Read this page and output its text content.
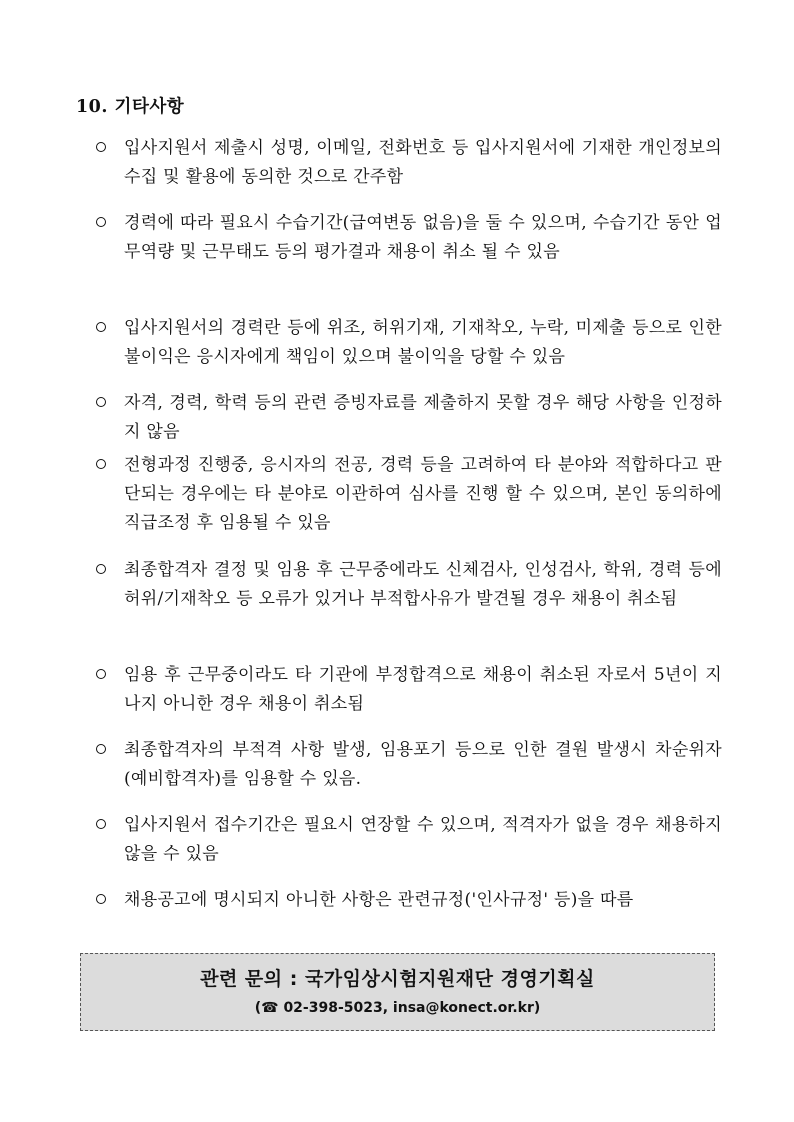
10. 기타사항
입사지원서 제출시 성명, 이메일, 전화번호 등 입사지원서에 기재한 개인정보의 수집 및 활용에 동의한 것으로 간주함
경력에 따라 필요시 수습기간(급여변동 없음)을 둘 수 있으며, 수습기간 동안 업무역량 및 근무태도 등의 평가결과 채용이 취소 될 수 있음
입사지원서의 경력란 등에 위조, 허위기재, 기재착오, 누락, 미제출 등으로 인한 불이익은 응시자에게 책임이 있으며 불이익을 당할 수 있음
자격, 경력, 학력 등의 관련 증빙자료를 제출하지 못할 경우 해당 사항을 인정하지 않음
전형과정 진행중, 응시자의 전공, 경력 등을 고려하여 타 분야와 적합하다고 판단되는 경우에는 타 분야로 이관하여 심사를 진행 할 수 있으며, 본인 동의하에 직급조정 후 임용될 수 있음
최종합격자 결정 및 임용 후 근무중에라도 신체검사, 인성검사, 학위, 경력 등에 허위/기재착오 등 오류가 있거나 부적합사유가 발견될 경우 채용이 취소됨
임용 후 근무중이라도 타 기관에 부정합격으로 채용이 취소된 자로서 5년이 지나지 아니한 경우 채용이 취소됨
최종합격자의 부적격 사항 발생, 임용포기 등으로 인한 결원 발생시 차순위자(예비합격자)를 임용할 수 있음.
입사지원서 접수기간은 필요시 연장할 수 있으며, 적격자가 없을 경우 채용하지 않을 수 있음
채용공고에 명시되지 아니한 사항은 관련규정('인사규정' 등)을 따름
관련 문의 : 국가임상시험지원재단 경영기획실
(☎ 02-398-5023, insa@konect.or.kr)
